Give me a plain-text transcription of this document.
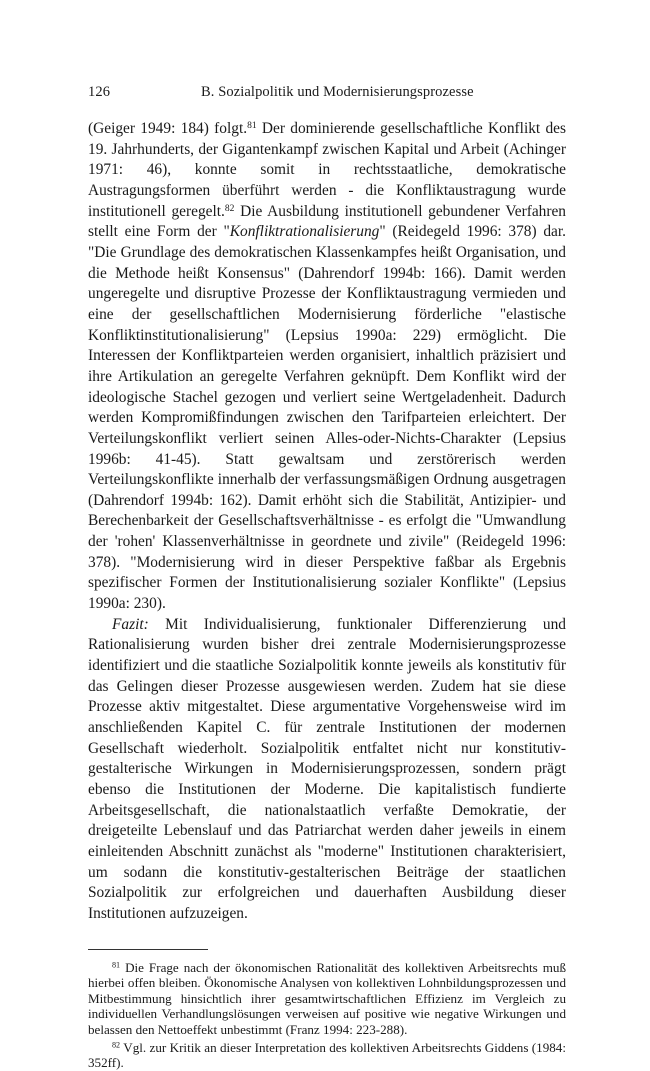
126	B. Sozialpolitik und Modernisierungsprozesse

(Geiger 1949: 184) folgt.$^{81}$ Der dominierende gesellschaftliche Konflikt des 19. Jahrhunderts, der Gigantenkampf zwischen Kapital und Arbeit (Achinger 1971: 46), konnte somit in rechtsstaatliche, demokratische Austragungsformen überführt werden - die Konfliktaustragung wurde institutionell geregelt.$^{82}$ Die Ausbildung institutionell gebundener Verfahren stellt eine Form der "Konfliktrationalisierung" (Reidegeld 1996: 378) dar. "Die Grundlage des demokratischen Klassenkampfes heißt Organisation, und die Methode heißt Konsensus" (Dahrendorf 1994b: 166). Damit werden ungeregelte und disruptive Prozesse der Konfliktaustragung vermieden und eine der gesellschaftlichen Modernisierung förderliche "elastische Konfliktinstitutionalisierung" (Lepsius 1990a: 229) ermöglicht. Die Interessen der Konfliktparteien werden organisiert, inhaltlich präzisiert und ihre Artikulation an geregelte Verfahren geknüpft. Dem Konflikt wird der ideologische Stachel gezogen und verliert seine Wertgeladenheit. Dadurch werden Kompromißfindungen zwischen den Tarifparteien erleichtert. Der Verteilungskonflikt verliert seinen Alles-oder-Nichts-Charakter (Lepsius 1996b: 41-45). Statt gewaltsam und zerstörerisch werden Verteilungskonflikte innerhalb der verfassungsmäßigen Ordnung ausgetragen (Dahrendorf 1994b: 162). Damit erhöht sich die Stabilität, Antizipier- und Berechenbarkeit der Gesellschaftsverhältnisse - es erfolgt die "Umwandlung der 'rohen' Klassenverhältnisse in geordnete und zivile" (Reidegeld 1996: 378). "Modernisierung wird in dieser Perspektive faßbar als Ergebnis spezifischer Formen der Institutionalisierung sozialer Konflikte" (Lepsius 1990a: 230).

Fazit: Mit Individualisierung, funktionaler Differenzierung und Rationalisierung wurden bisher drei zentrale Modernisierungsprozesse identifiziert und die staatliche Sozialpolitik konnte jeweils als konstitutiv für das Gelingen dieser Prozesse ausgewiesen werden. Zudem hat sie diese Prozesse aktiv mitgestaltet. Diese argumentative Vorgehensweise wird im anschließenden Kapitel C. für zentrale Institutionen der modernen Gesellschaft wiederholt. Sozialpolitik entfaltet nicht nur konstitutiv-gestalterische Wirkungen in Modernisierungsprozessen, sondern prägt ebenso die Institutionen der Moderne. Die kapitalistisch fundierte Arbeitsgesellschaft, die nationalstaatlich verfaßte Demokratie, der dreigeteilte Lebenslauf und das Patriarchat werden daher jeweils in einem einleitenden Abschnitt zunächst als "moderne" Institutionen charakterisiert, um sodann die konstitutiv-gestalterischen Beiträge der staatlichen Sozialpolitik zur erfolgreichen und dauerhaften Ausbildung dieser Institutionen aufzuzeigen.

$^{81}$ Die Frage nach der ökonomischen Rationalität des kollektiven Arbeitsrechts muß hierbei offen bleiben. Ökonomische Analysen von kollektiven Lohnbildungsprozessen und Mitbestimmung hinsichtlich ihrer gesamtwirtschaftlichen Effizienz im Vergleich zu individuellen Verhandlungslösungen verweisen auf positive wie negative Wirkungen und belassen den Nettoeffekt unbestimmt (Franz 1994: 223-288).

$^{82}$ Vgl. zur Kritik an dieser Interpretation des kollektiven Arbeitsrechts Giddens (1984: 352ff).
